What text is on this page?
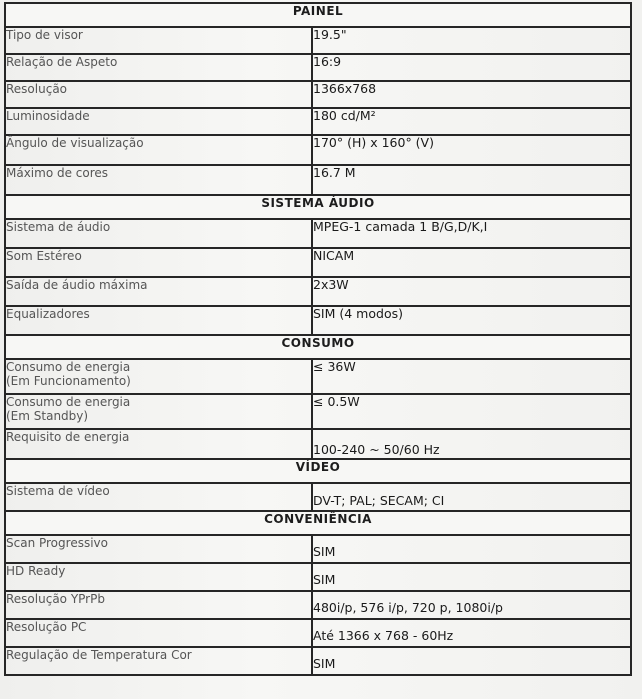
PAINEL	
Tipo de visor	19.5"
Relação de Aspeto	16:9
Resolução	1366x768
Luminosidade	180 cd/M²
Ângulo de visualização	170° (H) x 160° (V)
Máximo de cores	16.7 M
SISTEMA ÁUDIO	
Sistema de áudio	MPEG-1 camada 1 B/G,D/K,I
Som Estéreo	NICAM
Saída de áudio máxima	2x3W
Equalizadores	SIM (4 modos)
CONSUMO	

Consumo de energia
(Em Funcionamento)	≤ 36W

Consumo de energia
(Em Standby)	≤ 0.5W
Requisito de energia	100-240 ~ 50/60 Hz
VÍDEO	
Sistema de vídeo	DV-T; PAL; SECAM; CI
CONVENIÊNCIA	
Scan Progressivo	SIM
HD Ready	SIM
Resolução YPrPb	480i/p, 576 i/p, 720 p, 1080i/p
Resolução PC	Até 1366 x 768 - 60Hz
Regulação de Temperatura Cor	SIM
